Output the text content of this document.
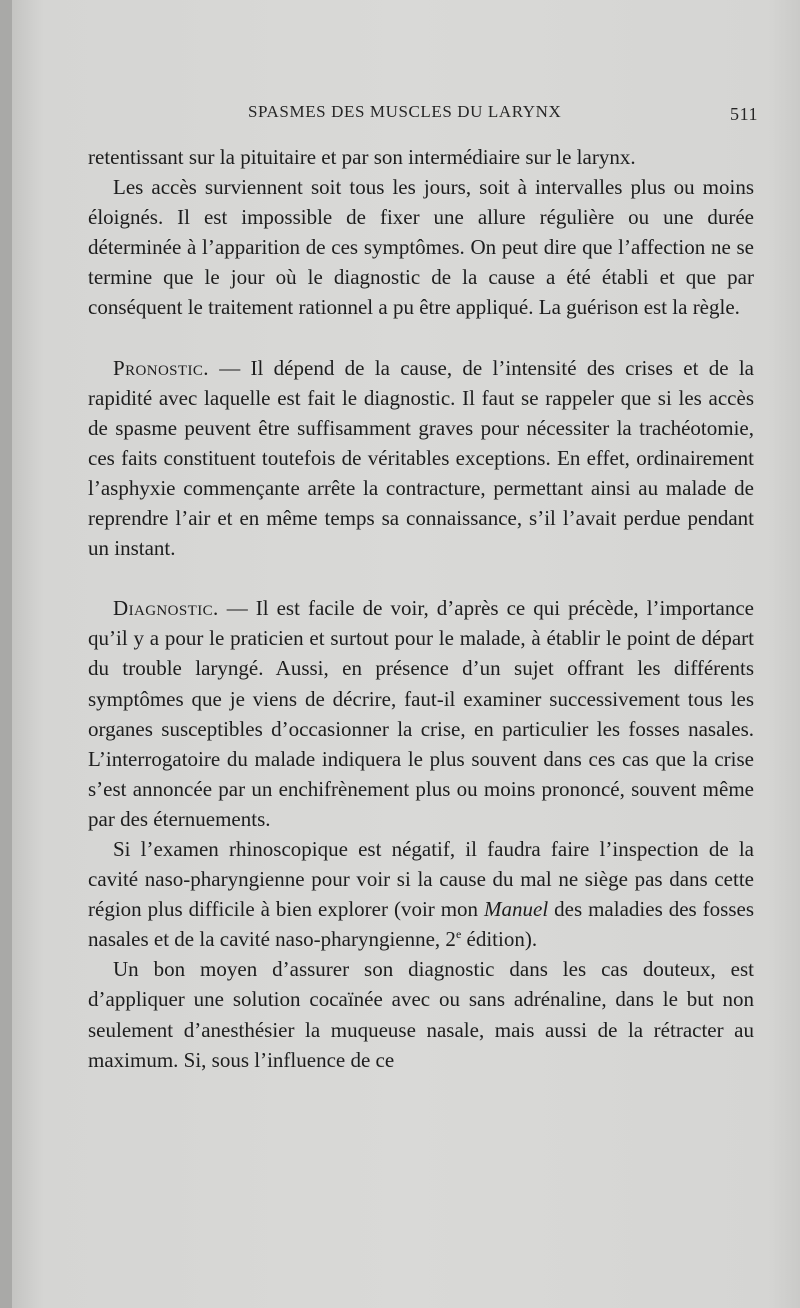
SPASMES DES MUSCLES DU LARYNX	511

retentissant sur la pituitaire et par son intermédiaire sur le larynx.

Les accès surviennent soit tous les jours, soit à intervalles plus ou moins éloignés. Il est impossible de fixer une allure régulière ou une durée déterminée à l’apparition de ces symptômes. On peut dire que l’affection ne se termine que le jour où le diagnostic de la cause a été établi et que par conséquent le traitement rationnel a pu être appliqué. La guérison est la règle.

Pronostic. — Il dépend de la cause, de l’intensité des crises et de la rapidité avec laquelle est fait le diagnostic. Il faut se rappeler que si les accès de spasme peuvent être suffisamment graves pour nécessiter la trachéotomie, ces faits constituent toutefois de véritables exceptions. En effet, ordinairement l’asphyxie commençante arrête la contracture, permettant ainsi au malade de reprendre l’air et en même temps sa connaissance, s’il l’avait perdue pendant un instant.

Diagnostic. — Il est facile de voir, d’après ce qui précède, l’importance qu’il y a pour le praticien et surtout pour le malade, à établir le point de départ du trouble laryngé. Aussi, en présence d’un sujet offrant les différents symptômes que je viens de décrire, faut-il examiner successivement tous les organes susceptibles d’occasionner la crise, en particulier les fosses nasales. L’interrogatoire du malade indiquera le plus souvent dans ces cas que la crise s’est annoncée par un enchifrènement plus ou moins prononcé, souvent même par des éternuements.

Si l’examen rhinoscopique est négatif, il faudra faire l’inspection de la cavité naso-pharyngienne pour voir si la cause du mal ne siège pas dans cette région plus difficile à bien explorer (voir mon Manuel des maladies des fosses nasales et de la cavité naso-pharyngienne, 2e édition).

Un bon moyen d’assurer son diagnostic dans les cas douteux, est d’appliquer une solution cocaïnée avec ou sans adrénaline, dans le but non seulement d’anesthésier la muqueuse nasale, mais aussi de la rétracter au maximum. Si, sous l’influence de ce
